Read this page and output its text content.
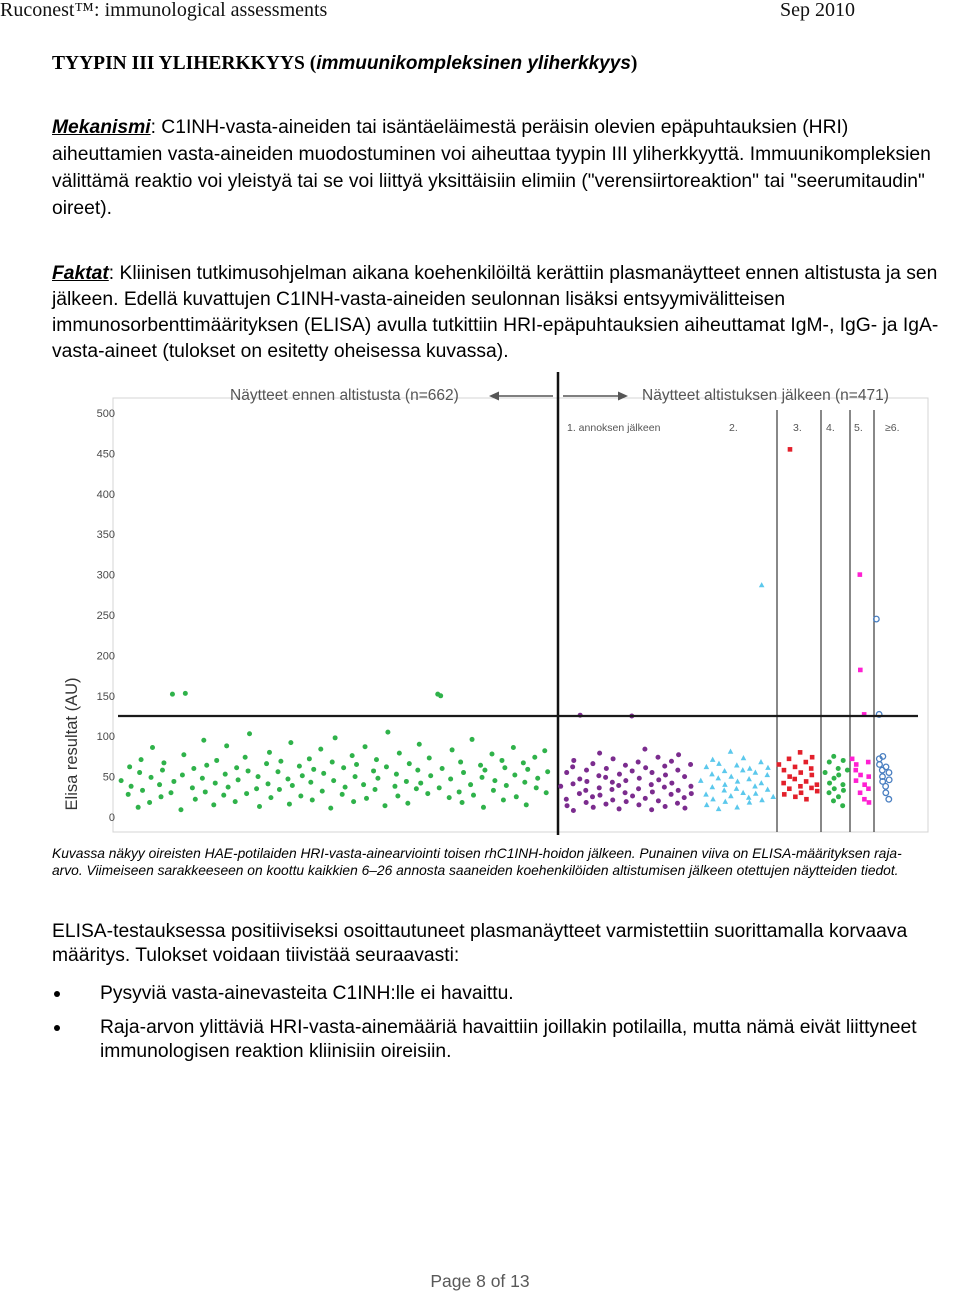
Ruconest™: immunological assessments	Sep 2010
TYYPIN III YLIHERKKYYS (immuunikompleksinen yliherkkyys)
Mekanismi: C1INH-vasta-aineiden tai isäntäeläimestä peräisin olevien epäpuhtauksien (HRI)
aiheuttamien vasta-aineiden muodostuminen voi aiheuttaa tyypin III yliherkkyyttä. Immuunikompleksien
välittämä reaktio voi yleistyä tai se voi liittyä yksittäisiin elimiin ("verensiirtoreaktion" tai "seerumitaudin"
oireet).
Faktat: Kliinisen tutkimusohjelman aikana koehenkilöiltä kerättiin plasmanäytteet ennen altistusta ja sen
jälkeen. Edellä kuvattujen C1INH-vasta-aineiden seulonnan lisäksi entsyymivälitteisen
immunosorbenttimäärityksen (ELISA) avulla tutkittiin HRI-epäpuhtauksien aiheuttamat IgM-, IgG- ja IgA-
vasta-aineet (tulokset on esitetty oheisessa kuvassa).
0
50
100
150
200
250
300
350
400
450
500
Elisa resultat (AU)
Näytteet ennen altistusta (n=662)	Näytteet altistuksen jälkeen (n=471)
1. annoksen jälkeen	2.	3. 4. 5. ≥6.
Kuvassa näkyy oireisten HAE-potilaiden HRI-vasta-ainearviointi toisen rhC1INH-hoidon jälkeen. Punainen viiva on ELISA-määrityksen raja-
arvo. Viimeiseen sarakkeeseen on koottu kaikkien 6–26 annosta saaneiden koehenkilöiden altistumisen jälkeen otettujen näytteiden tiedot.
ELISA-testauksessa positiiviseksi osoittautuneet plasmanäytteet varmistettiin suorittamalla korvaava
määritys. Tulokset voidaan tiivistää seuraavasti:
Pysyviä vasta-ainevasteita C1INH:lle ei havaittu.
Raja-arvon ylittäviä HRI-vasta-ainemääriä havaittiin joillakin potilailla, mutta nämä eivät liittyneet
immunologisen reaktion kliinisiin oireisiin.
Page 8 of 13
